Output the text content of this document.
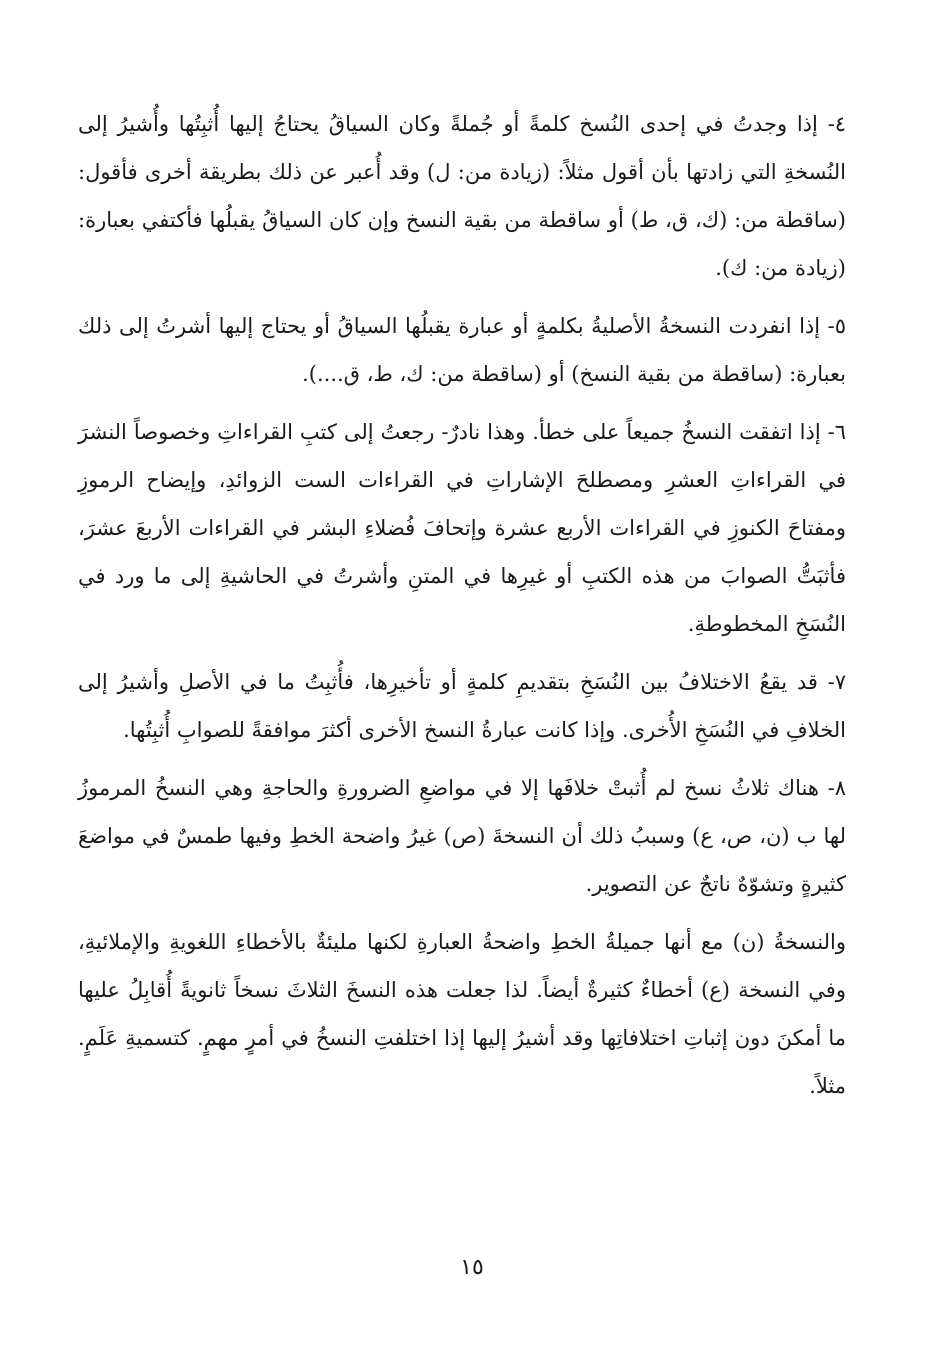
٤- إذا وجدتُ في إحدى النُسخ كلمةً أو جُملةً وكان السياقُ يحتاجُ إليها أُثبِتُها وأُشيرُ إلى النُسخةِ التي زادتها بأن أقول مثلاً: (زيادة من: ل) وقد أُعبر عن ذلك بطريقة أخرى فأقول: (ساقطة من: (ك، ق، ط) أو ساقطة من بقية النسخ وإن كان السياقُ يقبلُها فأكتفي بعبارة: (زيادة من: ك).

٥- إذا انفردت النسخةُ الأصليةُ بكلمةٍ أو عبارة يقبلُها السياقُ أو يحتاج إليها أشرتُ إلى ذلك بعبارة: (ساقطة من بقية النسخ) أو (ساقطة من: ك، ط، ق....).

٦- إذا اتفقت النسخُ جميعاً على خطأ. وهذا نادرٌ- رجعتُ إلى كتبِ القراءاتِ وخصوصاً النشرَ في القراءاتِ العشرِ ومصطلحَ الإشاراتِ في القراءات الست الزوائدِ، وإيضاح الرموزِ ومفتاحَ الكنوزِ في القراءات الأربع عشرة وإتحافَ فُضلاءِ البشر في القراءات الأربعَ عشرَ، فأثبَتُّ الصوابَ من هذه الكتبِ أو غيرِها في المتنِ وأشرتُ في الحاشيةِ إلى ما ورد في النُسَخِ المخطوطةِ.

٧- قد يقعُ الاختلافُ بين النُسَخِ بتقديمِ كلمةٍ أو تأخيرِها، فأُثبِتُ ما في الأصلِ وأشيرُ إلى الخلافِ في النُسَخِ الأُخرى. وإذا كانت عبارةُ النسخ الأخرى أكثرَ موافقةً للصوابِ أُثبِتُها.

٨- هناك ثلاثُ نسخ لم أُثبتْ خلافَها إلا في مواضعِ الضرورةِ والحاجةِ وهي النسخُ المرموزُ لها ب (ن، ص، ع) وسببُ ذلك أن النسخةَ (ص) غيرُ واضحة الخطِ وفيها طمسٌ في مواضعَ كثيرةٍ وتشوّهٌ ناتجٌ عن التصوير.

والنسخةُ (ن) مع أنها جميلةُ الخطِ واضحةُ العبارةِ لكنها مليئةٌ بالأخطاءِ اللغويةِ والإملائيةِ، وفي النسخة (ع) أخطاءٌ كثيرةٌ أيضاً. لذا جعلت هذه النسخَ الثلاثَ نسخاً ثانويةً أُقابِلُ عليها ما أمكنَ دون إثباتِ اختلافاتِها وقد أشيرُ إليها إذا اختلفتِ النسخُ في أمرٍ مهمٍ. كتسميةِ عَلَمٍ. مثلاً.

١٥
